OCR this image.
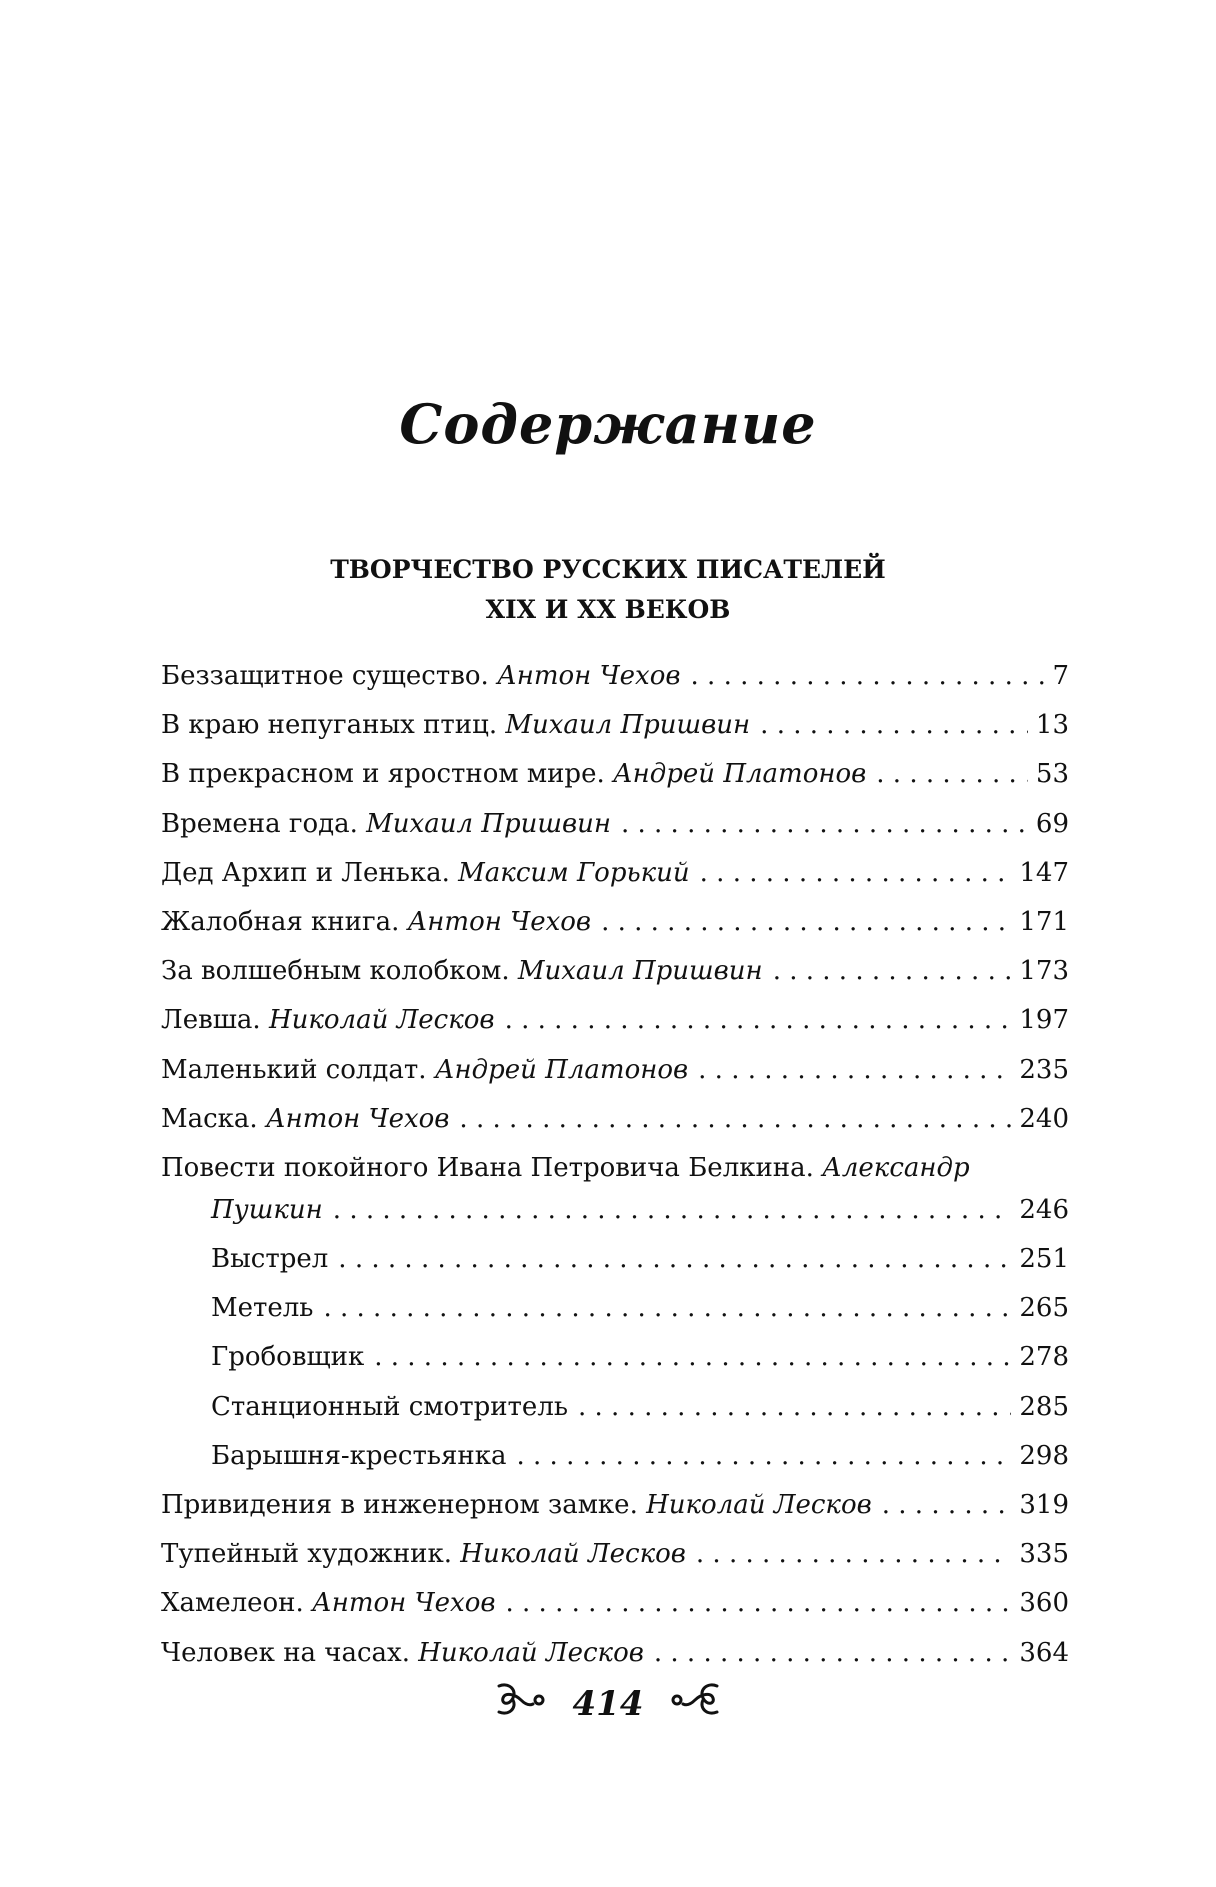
Содержание
ТВОРЧЕСТВО РУССКИХ ПИСАТЕЛЕЙ
XIX И XX ВЕКОВ
Беззащитное существо. Антон Чехов . . .	7
В краю непуганых птиц. Михаил Пришвин . . .	13
В прекрасном и яростном мире. Андрей Платонов . . .	53
Времена года. Михаил Пришвин . . .	69
Дед Архип и Ленька. Максим Горький . . .	147
Жалобная книга. Антон Чехов . . .	171
За волшебным колобком. Михаил Пришвин . . .	173
Левша. Николай Лесков . . .	197
Маленький солдат. Андрей Платонов . . .	235
Маска. Антон Чехов . . .	240
Повести покойного Ивана Петровича Белкина. Александр
Пушкин . . .	246
Выстрел . . .	251
Метель . . .	265
Гробовщик . . .	278
Станционный смотритель . . .	285
Барышня-крестьянка . . .	298
Привидения в инженерном замке. Николай Лесков . . .	319
Тупейный художник. Николай Лесков . . .	335
Хамелеон. Антон Чехов . . .	360
Человек на часах. Николай Лесков . . .	364
414
